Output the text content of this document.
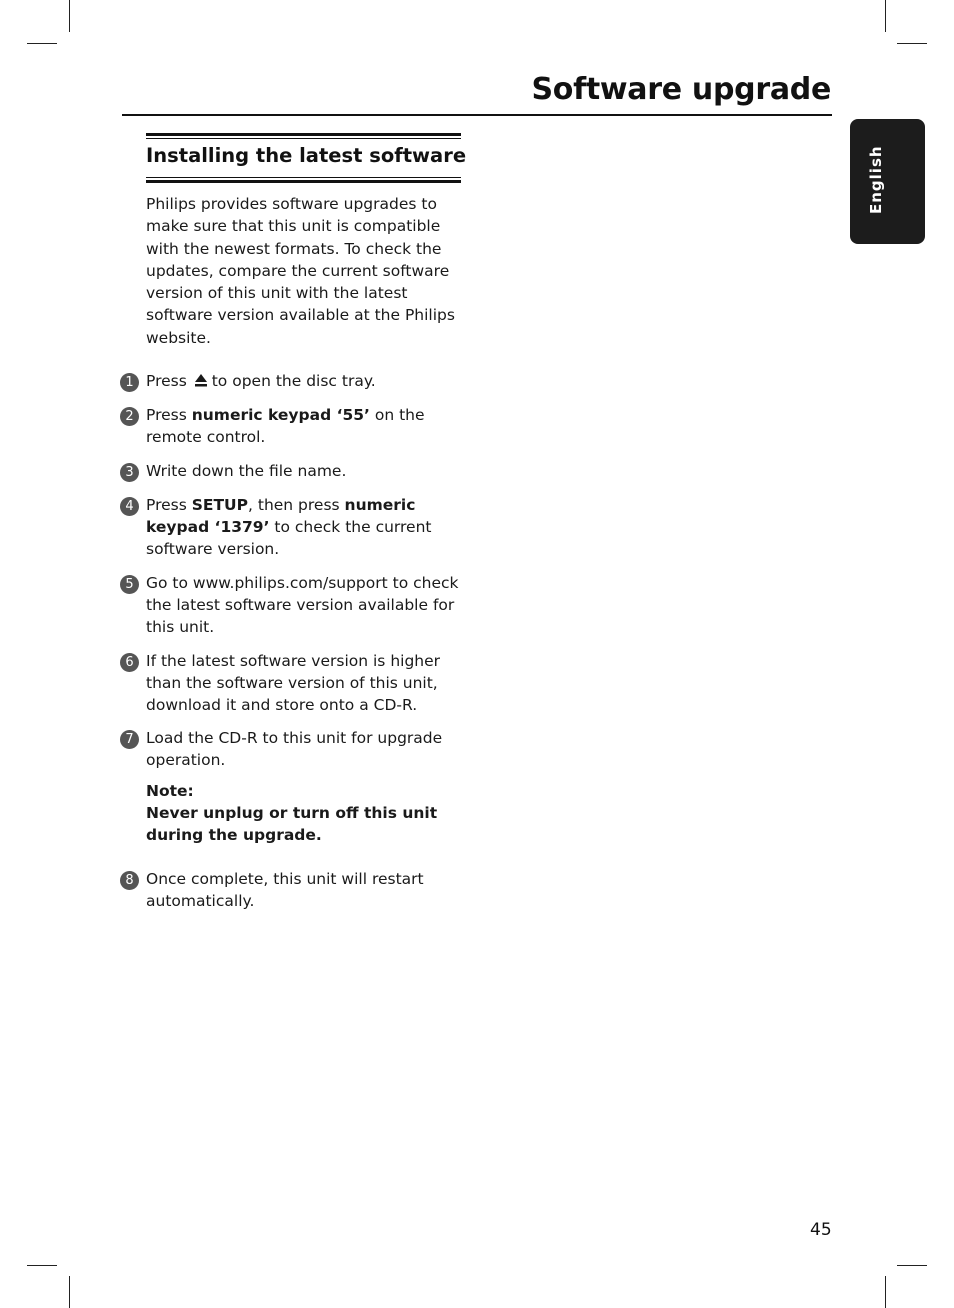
Software upgrade
English
Installing the latest software

Philips provides software upgrades to
make sure that this unit is compatible
with the newest formats. To check the
updates, compare the current software
version of this unit with the latest
software version available at the Philips
website.

1 Press to open the disc tray.

2 Press numeric keypad ‘55’ on the remote control.

3 Write down the file name.

4 Press SETUP, then press numeric keypad ‘1379’ to check the current software version.

5 Go to www.philips.com/support to check the latest software version available for this unit.

6 If the latest software version is higher than the software version of this unit, download it and store onto a CD-R.

7 Load the CD-R to this unit for upgrade operation.

Note:
Never unplug or turn off this unit during the upgrade.
8 Once complete, this unit will restart automatically.

45
